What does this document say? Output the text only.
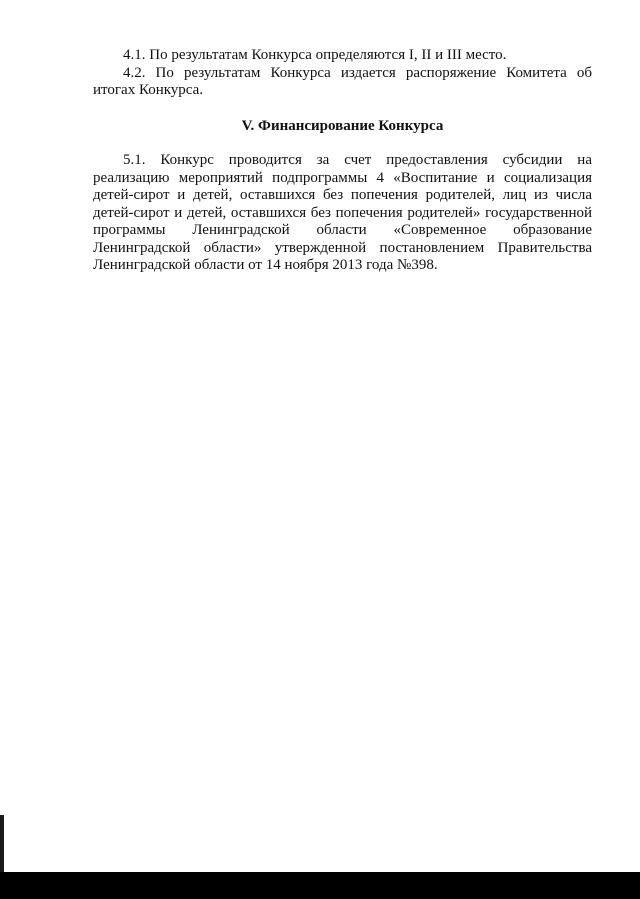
4.1. По результатам Конкурса определяются I, II и III место.

4.2. По результатам Конкурса издается распоряжение Комитета об итогах Конкурса.

V. Финансирование Конкурса

5.1. Конкурс проводится за счет предоставления субсидии на реализацию мероприятий подпрограммы 4 «Воспитание и социализация детей-сирот и детей, оставшихся без попечения родителей, лиц из числа детей-сирот и детей, оставшихся без попечения родителей» государственной программы Ленинградской области «Современное образование Ленинградской области» утвержденной постановлением Правительства Ленинградской области от 14 ноября 2013 года №398.
